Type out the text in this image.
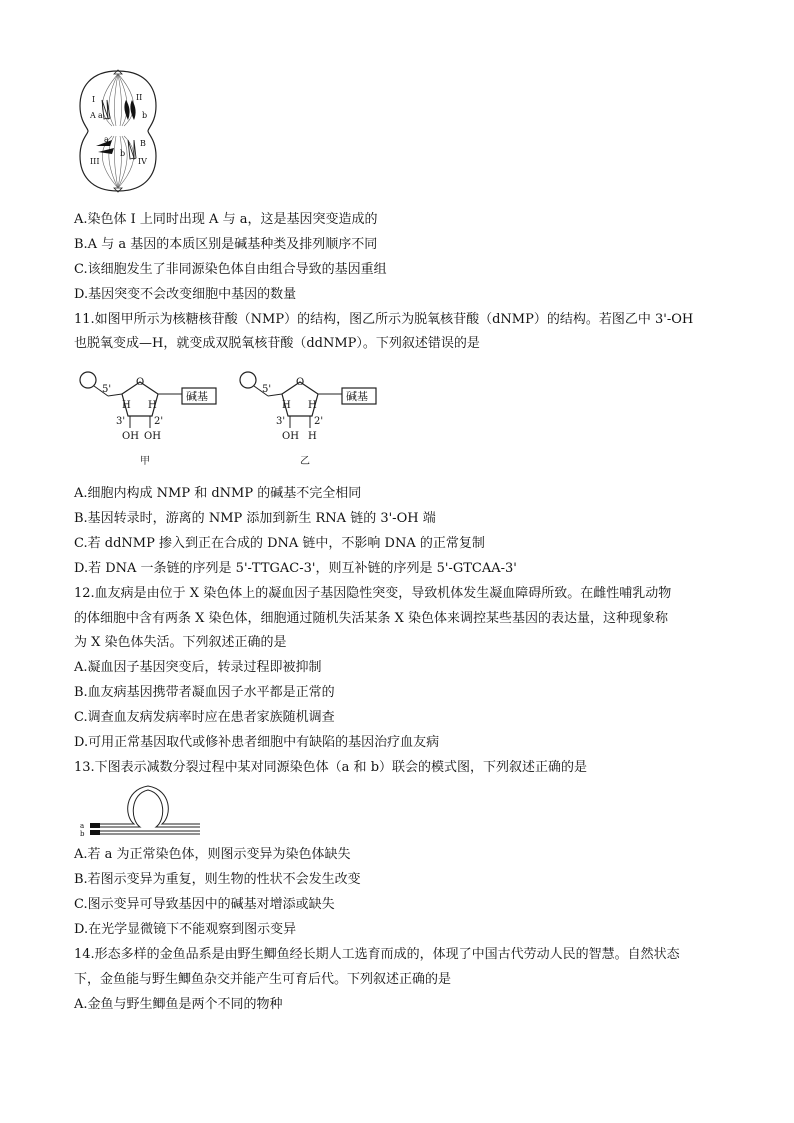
I	II
III	IV
A a	b
a	B
b
A.染色体 I 上同时出现 A 与 a，这是基因突变造成的
B.A 与 a 基因的本质区别是碱基种类及排列顺序不同
C.该细胞发生了非同源染色体自由组合导致的基因重组
D.基因突变不会改变细胞中基因的数量
11.如图甲所示为核糖核苷酸（NMP）的结构，图乙所示为脱氧核苷酸（dNMP）的结构。若图乙中 3'-OH
也脱氧变成—H，就变成双脱氧核苷酸（ddNMP）。下列叙述错误的是
5'
O
碱基
H H
3'	2'
OH OH
甲
5'
O
碱基
H H
3'	2'
OH H
乙
A.细胞内构成 NMP 和 dNMP 的碱基不完全相同
B.基因转录时，游离的 NMP 添加到新生 RNA 链的 3'-OH 端
C.若 ddNMP 掺入到正在合成的 DNA 链中，不影响 DNA 的正常复制
D.若 DNA 一条链的序列是 5'-TTGAC-3'，则互补链的序列是 5'-GTCAA-3'
12.血友病是由位于 X 染色体上的凝血因子基因隐性突变，导致机体发生凝血障碍所致。在雌性哺乳动物
的体细胞中含有两条 X 染色体，细胞通过随机失活某条 X 染色体来调控某些基因的表达量，这种现象称
为 X 染色体失活。下列叙述正确的是
A.凝血因子基因突变后，转录过程即被抑制
B.血友病基因携带者凝血因子水平都是正常的
C.调查血友病发病率时应在患者家族随机调查
D.可用正常基因取代或修补患者细胞中有缺陷的基因治疗血友病
13.下图表示减数分裂过程中某对同源染色体（a 和 b）联会的模式图，下列叙述正确的是
a
b
A.若 a 为正常染色体，则图示变异为染色体缺失
B.若图示变异为重复，则生物的性状不会发生改变
C.图示变异可导致基因中的碱基对增添或缺失
D.在光学显微镜下不能观察到图示变异
14.形态多样的金鱼品系是由野生鲫鱼经长期人工选育而成的，体现了中国古代劳动人民的智慧。自然状态
下，金鱼能与野生鲫鱼杂交并能产生可育后代。下列叙述正确的是
A.金鱼与野生鲫鱼是两个不同的物种
